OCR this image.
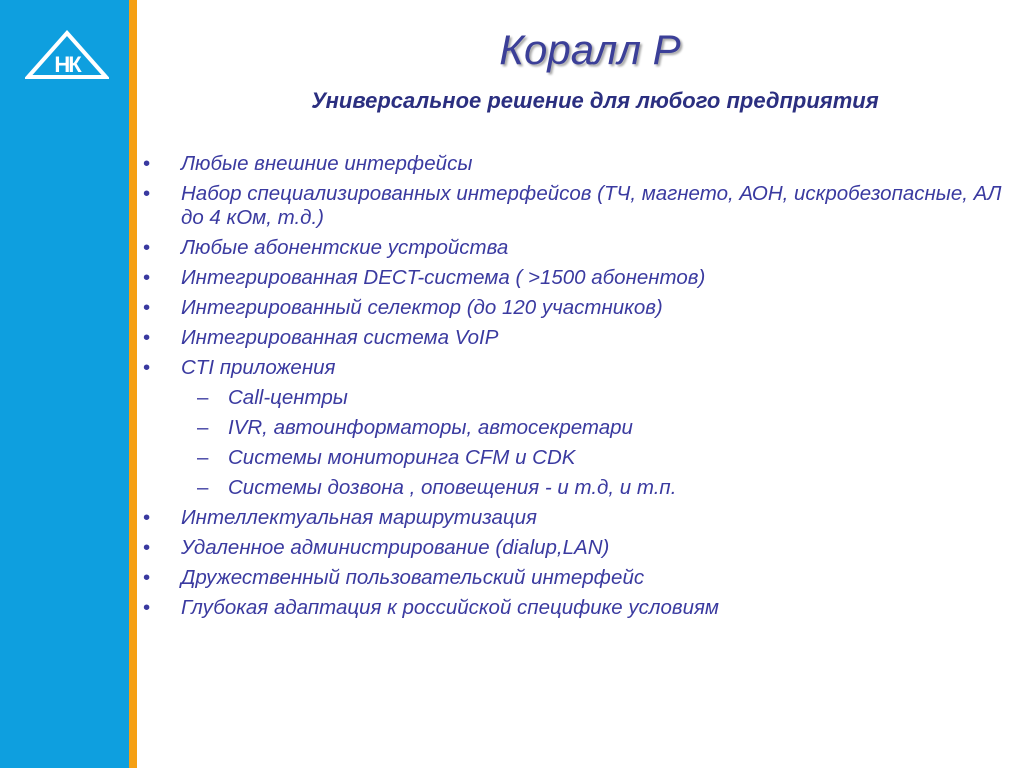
НК	Коралл Р
Универсальное решение для любого предприятия
• Любые внешние интерфейсы
• Набор специализированных интерфейсов (ТЧ, магнето, АОН, искробезопасные, АЛ до 4 кОм, т.д.)
• Любые абонентские устройства
• Интегрированная DECT-система ( >1500 абонентов)
• Интегрированный селектор (до 120 участников)
• Интегрированная система VoIP
• CTI приложения
– Call-центры
– IVR, автоинформаторы, автосекретари
– Системы мониторинга CFM и CDK
– Системы дозвона , оповещения - и т.д, и т.п.
• Интеллектуальная маршрутизация
• Удаленное администрирование (dialup,LAN)
• Дружественный пользовательский интерфейс
• Глубокая адаптация к российской специфике условиям
